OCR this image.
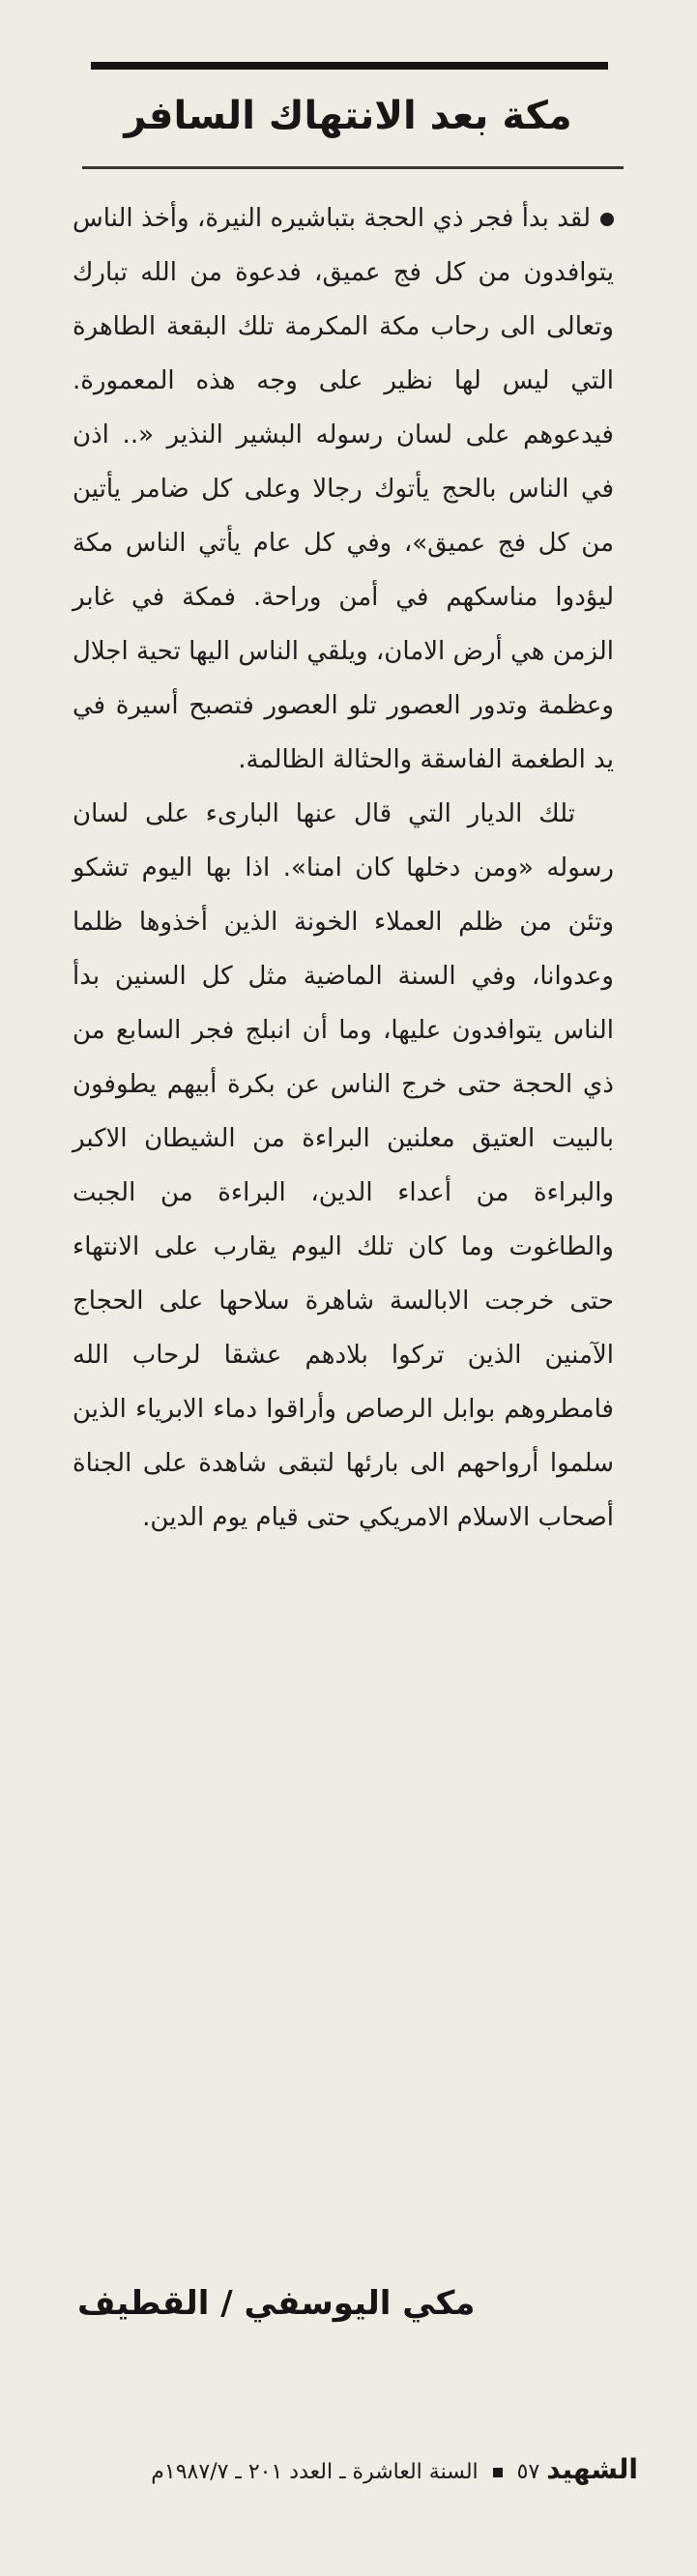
مكة بعد الانتهاك السافر

لقد بدأ فجر ذي الحجة بتباشيره النيرة، وأخذ الناس يتوافدون من كل فج عميق، فدعوة من الله تبارك وتعالى الى رحاب مكة المكرمة تلك البقعة الطاهرة التي ليس لها نظير على وجه هذه المعمورة. فيدعوهم على لسان رسوله البشير النذير «.. اذن في الناس بالحج يأتوك رجالا وعلى كل ضامر يأتين من كل فج عميق»، وفي كل عام يأتي الناس مكة ليؤدوا مناسكهم في أمن وراحة. فمكة في غابر الزمن هي أرض الامان، ويلقي الناس اليها تحية اجلال وعظمة وتدور العصور تلو العصور فتصبح أسيرة في يد الطغمة الفاسقة والحثالة الظالمة.

تلك الديار التي قال عنها البارىء على لسان رسوله «ومن دخلها كان امنا». اذا بها اليوم تشكو وتئن من ظلم العملاء الخونة الذين أخذوها ظلما وعدوانا، وفي السنة الماضية مثل كل السنين بدأ الناس يتوافدون عليها، وما أن انبلج فجر السابع من ذي الحجة حتى خرج الناس عن بكرة أبيهم يطوفون بالبيت العتيق معلنين البراءة من الشيطان الاكبر والبراءة من أعداء الدين، البراءة من الجبت والطاغوت وما كان تلك اليوم يقارب على الانتهاء حتى خرجت الابالسة شاهرة سلاحها على الحجاج الآمنين الذين تركوا بلادهم عشقا لرحاب الله فامطروهم بوابل الرصاص وأراقوا دماء الابرياء الذين سلموا أرواحهم الى بارئها لتبقى شاهدة على الجناة أصحاب الاسلام الامريكي حتى قيام يوم الدين.

مكي اليوسفي / القطيف
الشهيد ٥٧  السنة العاشرة ـ العدد ٢٠١ ـ ١٩٨٧/٧م
